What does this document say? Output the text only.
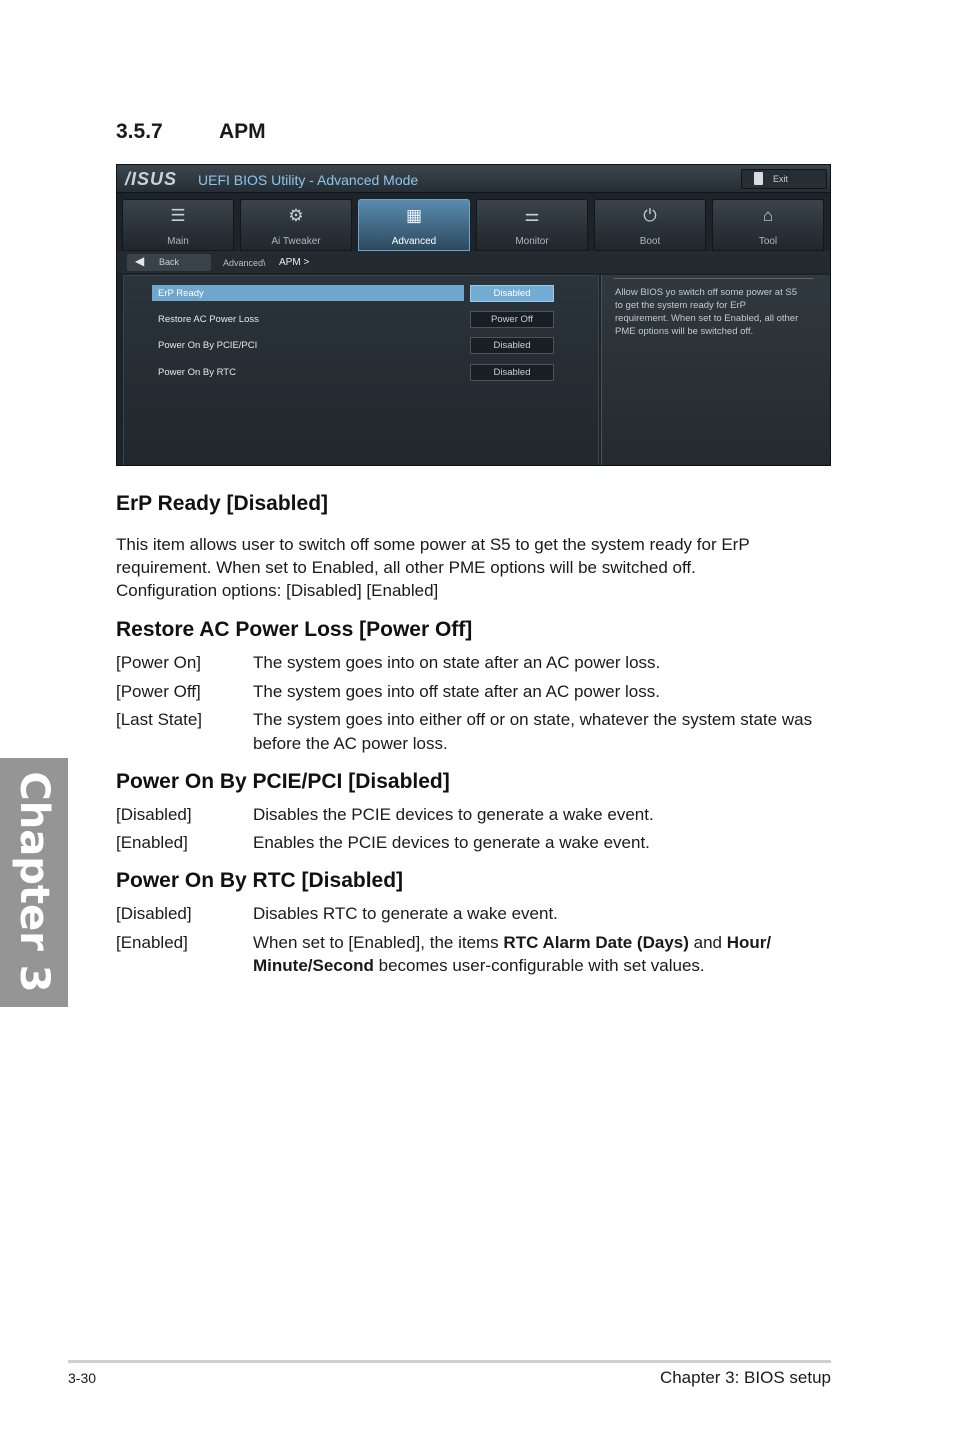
3.5.7	APM
/ISUS UEFI BIOS Utility - Advanced Mode	Exit
☰
Main
⚙
Ai Tweaker
▦
Advanced
⚌
Monitor
⏻
Boot
⌂
Tool
◀ Back	Advanced\ APM >
ErP Ready	Disabled
Restore AC Power Loss	Power Off
Power On By PCIE/PCI	Disabled
Power On By RTC	Disabled
Allow BIOS yo switch off some power at S5 to get the system ready for ErP requirement. When set to Enabled, all other PME options will be switched off.
ErP Ready [Disabled]
This item allows user to switch off some power at S5 to get the system ready for ErP
requirement. When set to Enabled, all other PME options will be switched off.
Configuration options: [Disabled] [Enabled]
Restore AC Power Loss [Power Off]
[Power On]	The system goes into on state after an AC power loss.
[Power Off]	The system goes into off state after an AC power loss.
[Last State]	The system goes into either off or on state, whatever the system state was
before the AC power loss.
Power On By PCIE/PCI [Disabled]
[Disabled]	Disables the PCIE devices to generate a wake event.
[Enabled]	Enables the PCIE devices to generate a wake event.
Power On By RTC [Disabled]
[Disabled]	Disables RTC to generate a wake event.
[Enabled]	When set to [Enabled], the items RTC Alarm Date (Days) and Hour/
Minute/Second becomes user-configurable with set values.
Chapter 3
3-30	Chapter 3: BIOS setup
